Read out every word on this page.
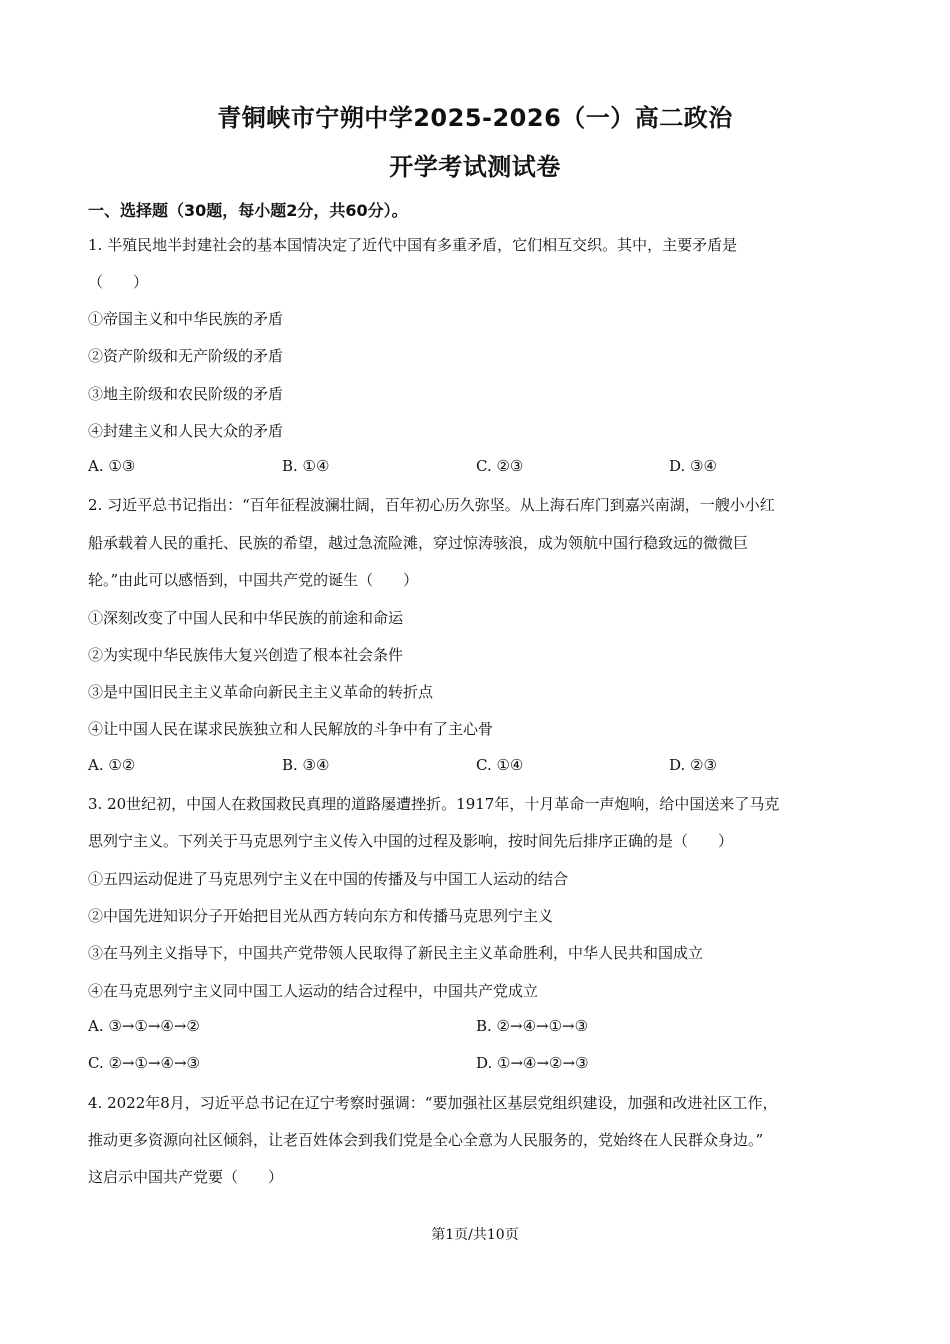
青铜峡市宁朔中学2025-2026（一）高二政治
开学考试测试卷
一、选择题（30题，每小题2分，共60分）。
1. 半殖民地半封建社会的基本国情决定了近代中国有多重矛盾，它们相互交织。其中，主要矛盾是
（　　）
①帝国主义和中华民族的矛盾
②资产阶级和无产阶级的矛盾
③地主阶级和农民阶级的矛盾
④封建主义和人民大众的矛盾
A. ①③	B. ①④	C. ②③	D. ③④
2. 习近平总书记指出：“百年征程波澜壮阔，百年初心历久弥坚。从上海石库门到嘉兴南湖，一艘小小红
船承载着人民的重托、民族的希望，越过急流险滩，穿过惊涛骇浪，成为领航中国行稳致远的微微巨
轮。”由此可以感悟到，中国共产党的诞生（　　）
①深刻改变了中国人民和中华民族的前途和命运
②为实现中华民族伟大复兴创造了根本社会条件
③是中国旧民主主义革命向新民主主义革命的转折点
④让中国人民在谋求民族独立和人民解放的斗争中有了主心骨
A. ①②	B. ③④	C. ①④	D. ②③
3. 20世纪初，中国人在救国救民真理的道路屡遭挫折。1917年，十月革命一声炮响，给中国送来了马克
思列宁主义。下列关于马克思列宁主义传入中国的过程及影响，按时间先后排序正确的是（　　）
①五四运动促进了马克思列宁主义在中国的传播及与中国工人运动的结合
②中国先进知识分子开始把目光从西方转向东方和传播马克思列宁主义
③在马列主义指导下，中国共产党带领人民取得了新民主主义革命胜利，中华人民共和国成立
④在马克思列宁主义同中国工人运动的结合过程中，中国共产党成立
A. ③→①→④→②	B. ②→④→①→③
C. ②→①→④→③	D. ①→④→②→③
4. 2022年8月，习近平总书记在辽宁考察时强调：“要加强社区基层党组织建设，加强和改进社区工作，
推动更多资源向社区倾斜，让老百姓体会到我们党是全心全意为人民服务的，党始终在人民群众身边。”
这启示中国共产党要（　　）
第1页/共10页
